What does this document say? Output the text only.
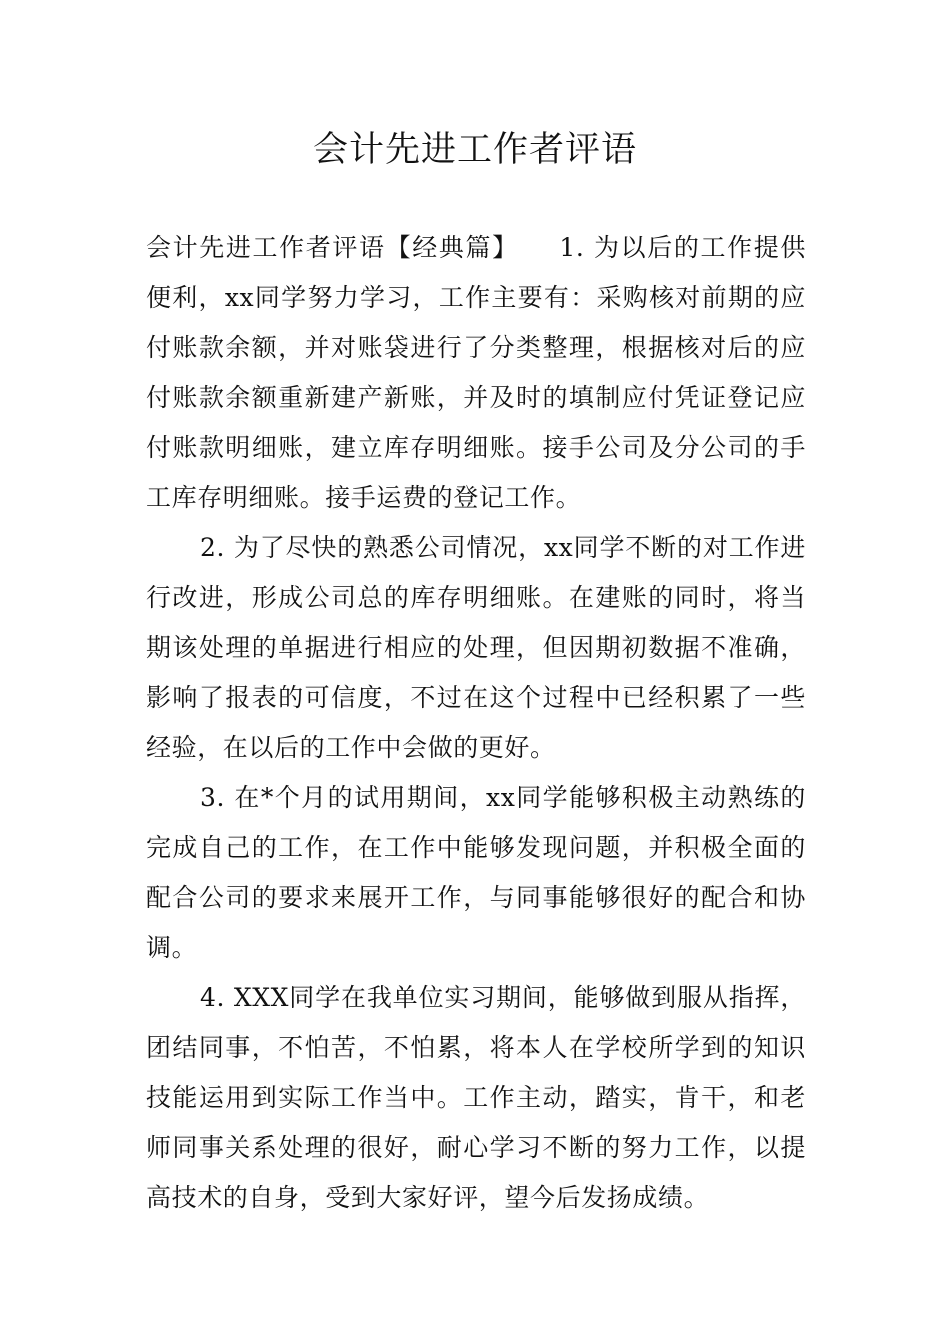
会计先进工作者评语

会计先进工作者评语【经典篇】　　1. 为以后的工作提供便利，xx同学努力学习，工作主要有：采购核对前期的应付账款余额，并对账袋进行了分类整理，根据核对后的应付账款余额重新建产新账，并及时的填制应付凭证登记应付账款明细账，建立库存明细账。接手公司及分公司的手工库存明细账。接手运费的登记工作。

2. 为了尽快的熟悉公司情况，xx同学不断的对工作进行改进，形成公司总的库存明细账。在建账的同时，将当期该处理的单据进行相应的处理，但因期初数据不准确，影响了报表的可信度，不过在这个过程中已经积累了一些经验，在以后的工作中会做的更好。

3. 在*个月的试用期间，xx同学能够积极主动熟练的完成自己的工作，在工作中能够发现问题，并积极全面的配合公司的要求来展开工作，与同事能够很好的配合和协调。

4. XXX同学在我单位实习期间，能够做到服从指挥，团结同事，不怕苦，不怕累，将本人在学校所学到的知识技能运用到实际工作当中。工作主动，踏实，肯干，和老师同事关系处理的很好，耐心学习不断的努力工作，以提高技术的自身，受到大家好评，望今后发扬成绩。
